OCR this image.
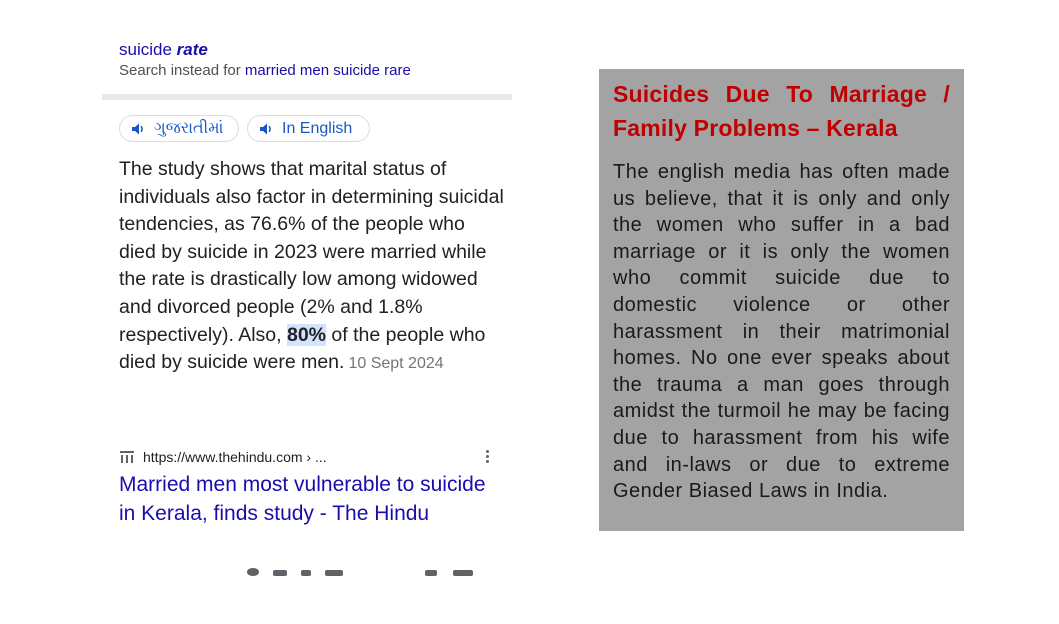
suicide rate
Search instead for married men suicide rare
ગુજરાતીમાં	In English
The study shows that marital status of individuals also factor in determining suicidal tendencies, as 76.6% of the people who died by suicide in 2023 were married while the rate is drastically low among widowed and divorced people (2% and 1.8% respectively). Also, 80% of the people who died by suicide were men. 10 Sept 2024
https://www.thehindu.com › ...
Married men most vulnerable to suicide in Kerala, finds study - The Hindu
Suicides Due To Marriage / Family Problems – Kerala
The english media has often made us believe, that it is only and only the women who suffer in a bad marriage or it is only the women who commit suicide due to domestic violence or other harassment in their matrimonial homes. No one ever speaks about the trauma a man goes through amidst the turmoil he may be facing due to harassment from his wife and in-laws or due to extreme Gender Biased Laws in India.
